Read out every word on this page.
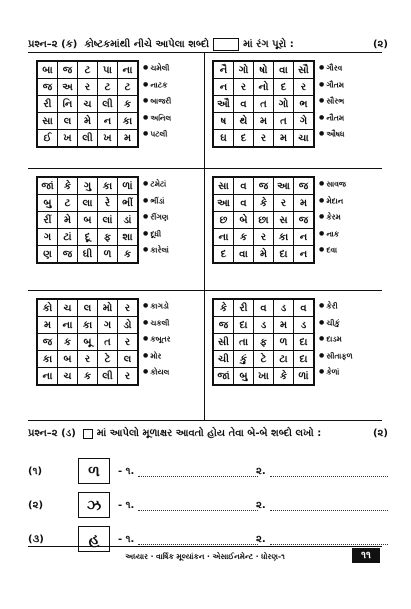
પ્રશ્ન–૨ (ક)
કોષ્ટકમાંથી નીચે આપેલા શબ્દો	માં રંગ પૂરો :	(૨)
બા	જ	ટ	પા	ના
જ	અ	ર	ટ	ટ
રી	નિ	ચ	લી	ક
સા	લ	મે	ન	કા
ઈ	ખ	લી	ખ	મ
● ચમેલી
● નાટક
● બાજરી
● અનિલ
● પટલી
નૈ	ગો	ષો	વા	સૌ
ન	ર	નો	દ	ર
ઔ	વ	ત	ગો	ભ
ષ	થે	મ	ત	ગે
ઘ	દ	ર	મ	ચા
● ગૌરવ
● ગૌતમ
● સૌરભ
● નૌતમ
● ઔષધ
જાં	કે	ગુ	કા	ળાં
બુ	ટ	લા	રે	ભીં
રીં	મે	બ	લાં	ડાં
ગ	ટાં	દૂ	ફ	શા
ણ	જ	ઘી	ળ	ક
● ટમેટાં
● ભીંડાં
● રીંગણ
● દૂધી
● કારેલાં
સા	વ	જ	આ	જ
આ	વ	કે	ર	મ
છ	બે	છા	સ	જ
ના	ક	ર	કા	ન
દ	વા	મે	દા	ન
● સાવજ
● મેદાન
● કેરમ
● નાક
● દવા
કો	ચ	લ	મો	ર
મ	ના	કા	ગ	ડો
જ	ક	બૂ	ત	ર
કા	બ	ર	ટે	લ
ના	ચ	ક	લી	ર
● કાગડો
● ચકલી
● કબૂતર
● મોર
● કોયલ
કે	રી	વ	ડ	વ
જ	દા	ડ	મ	ડ
સી	તા	ફ	ળ	દા
ચી	કું	ટે	ટા	દા
જાં	બુ	ખા	કે	ળાં
● કેરી
● ચીકું
● દાડમ
● સીતાફળ
● કેળાં
પ્રશ્ન–૨ (ડ)
માં આપેલો મૂળાક્ષર આવતો હોય તેવા બે-બે શબ્દો લખો :	(૨)
(૧)	ળ	- ૧.	૨.
(૨)	ઝ	- ૧.	૨.
(૩)	હ	- ૧.	૨.
અધ્યાર · વાર્ષિક મૂલ્યાંકન · એસાઈનમેન્ટ · ધોરણ-૧	૧૧
